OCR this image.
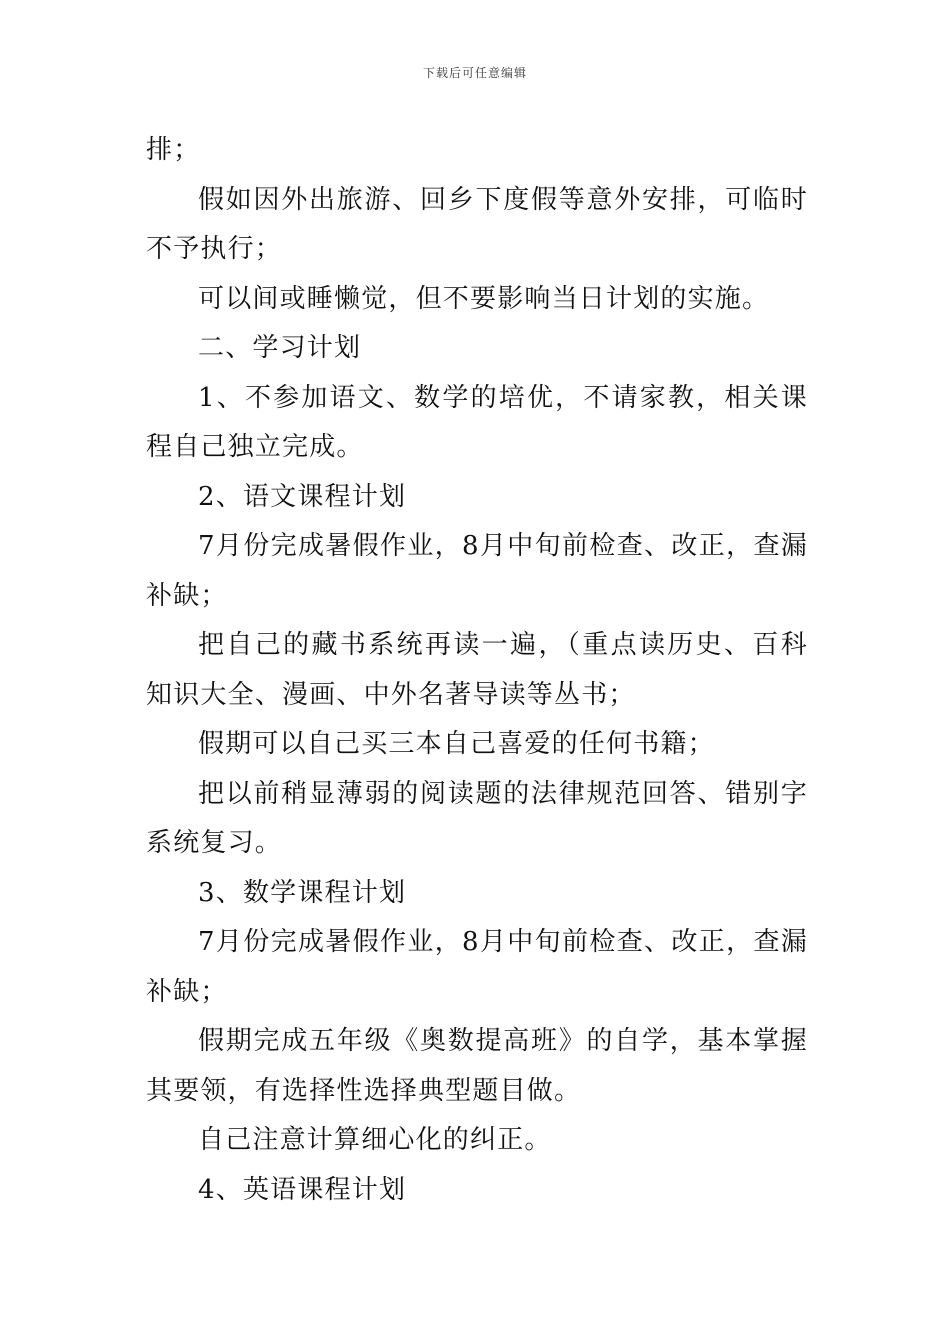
下载后可任意编辑

排；

假如因外出旅游、回乡下度假等意外安排，可临时不予执行；

可以间或睡懒觉，但不要影响当日计划的实施。

二、学习计划

1、不参加语文、数学的培优，不请家教，相关课程自己独立完成。

2、语文课程计划

7月份完成暑假作业，8月中旬前检查、改正，查漏补缺；

把自己的藏书系统再读一遍，（重点读历史、百科知识大全、漫画、中外名著导读等丛书；

假期可以自己买三本自己喜爱的任何书籍；

把以前稍显薄弱的阅读题的法律规范回答、错别字系统复习。

3、数学课程计划

7月份完成暑假作业，8月中旬前检查、改正，查漏补缺；

假期完成五年级《奥数提高班》的自学，基本掌握其要领，有选择性选择典型题目做。

自己注意计算细心化的纠正。

4、英语课程计划
